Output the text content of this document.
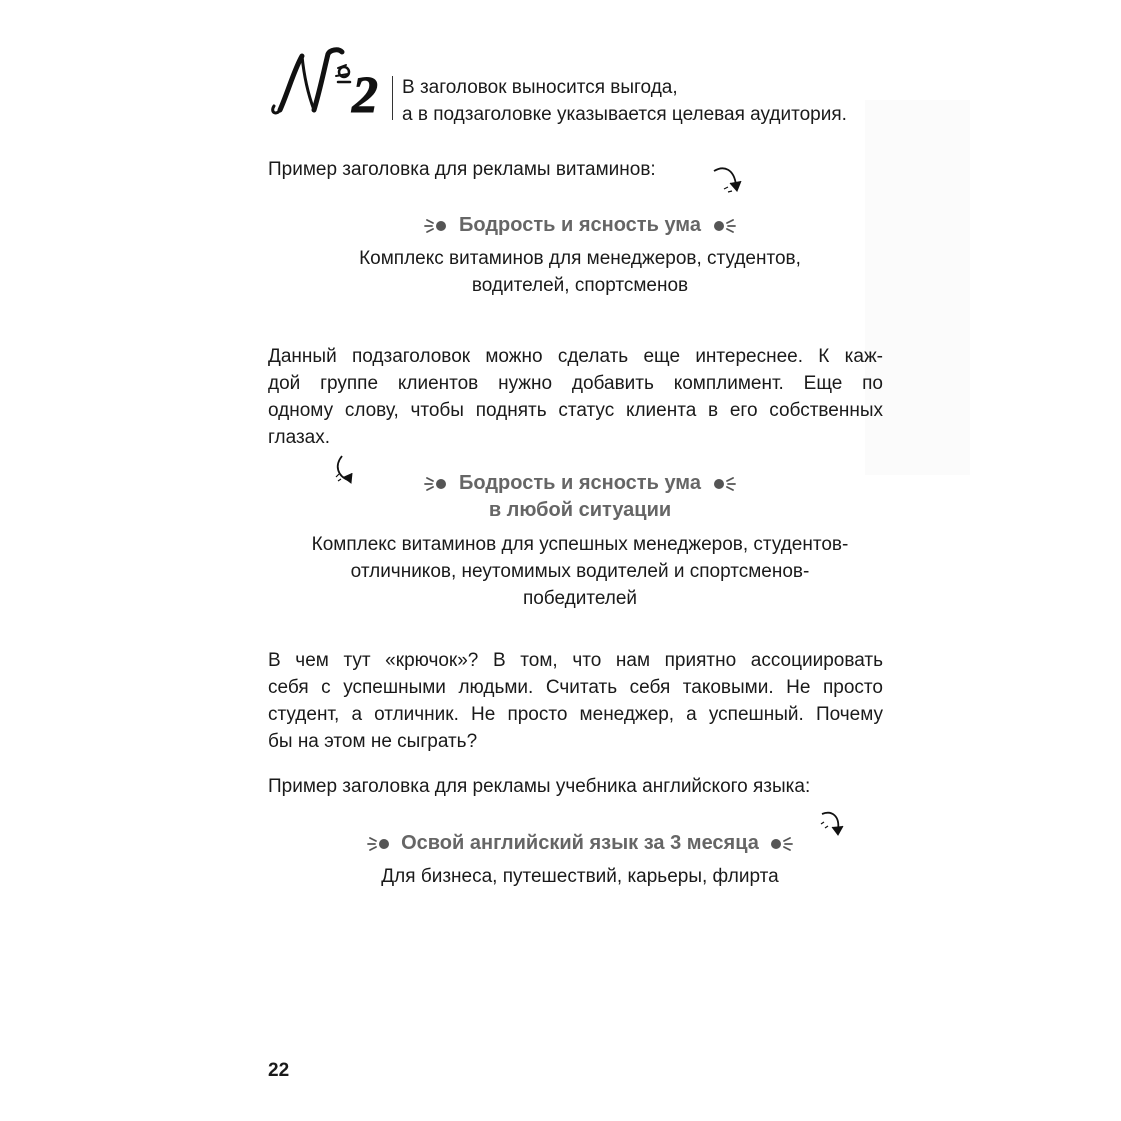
2 В заголовок выносится выгода,
а в подзаголовке указывается целевая аудитория.
Пример заголовка для рекламы витаминов:
Бодрость и ясность ума
Комплекс витаминов для менеджеров, студентов,
водителей, спортсменов
Данный подзаголовок можно сделать еще интереснее. К каж-
дой группе клиентов нужно добавить комплимент. Еще по
одному слову, чтобы поднять статус клиента в его собственных
глазах.
Бодрость и ясность ума
в любой ситуации
Комплекс витаминов для успешных менеджеров, студентов-
отличников, неутомимых водителей и спортсменов-
победителей
В чем тут «крючок»? В том, что нам приятно ассоциировать
себя с успешными людьми. Считать себя таковыми. Не просто
студент, а отличник. Не просто менеджер, а успешный. Почему
бы на этом не сыграть?
Пример заголовка для рекламы учебника английского языка:
Освой английский язык за 3 месяца
Для бизнеса, путешествий, карьеры, флирта
22
